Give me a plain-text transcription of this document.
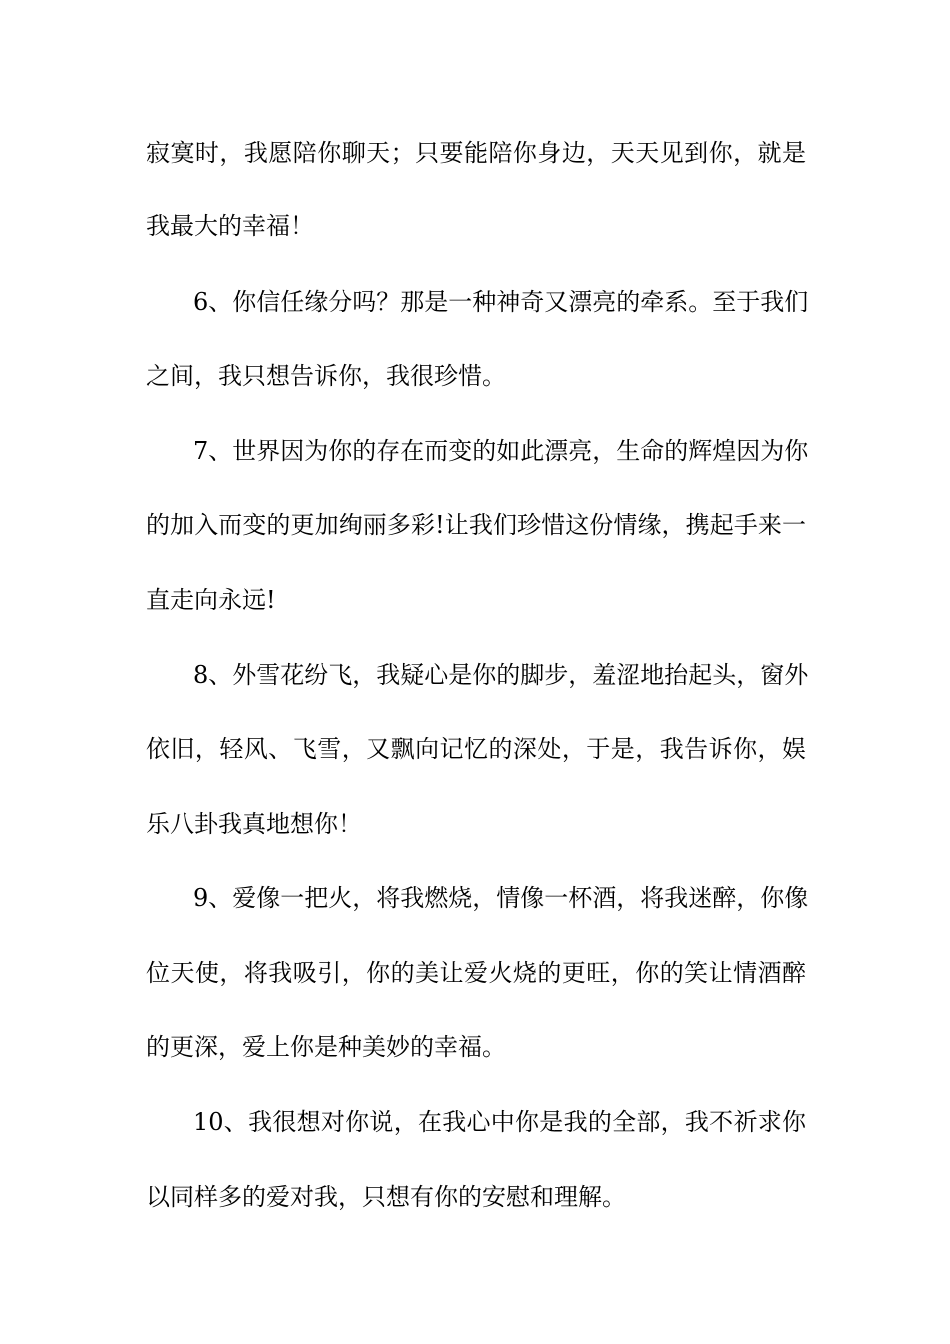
寂寞时，我愿陪你聊天；只要能陪你身边，天天见到你，就是
我最大的幸福！
6、你信任缘分吗？那是一种神奇又漂亮的牵系。至于我们
之间，我只想告诉你，我很珍惜。
7、世界因为你的存在而变的如此漂亮，生命的辉煌因为你
的加入而变的更加绚丽多彩!让我们珍惜这份情缘，携起手来一
直走向永远!
8、外雪花纷飞，我疑心是你的脚步，羞涩地抬起头，窗外
依旧，轻风、飞雪，又飘向记忆的深处，于是，我告诉你，娱
乐八卦我真地想你！
9、爱像一把火，将我燃烧，情像一杯酒，将我迷醉，你像
位天使，将我吸引，你的美让爱火烧的更旺，你的笑让情酒醉
的更深，爱上你是种美妙的幸福。
10、我很想对你说，在我心中你是我的全部，我不祈求你
以同样多的爱对我，只想有你的安慰和理解。
